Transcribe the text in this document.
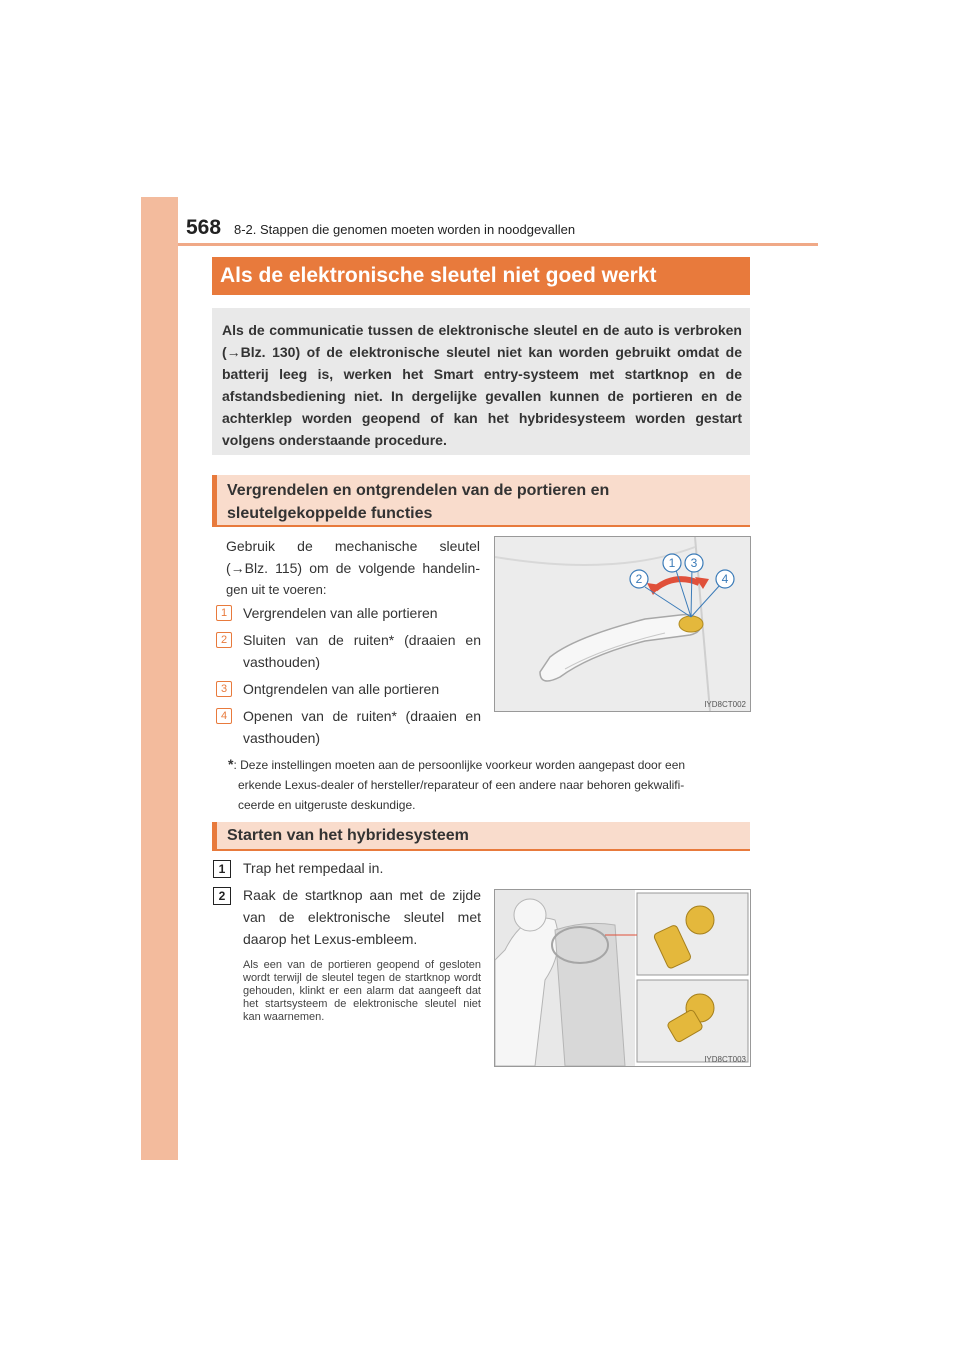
568 8-2. Stappen die genomen moeten worden in noodgevallen
Als de elektronische sleutel niet goed werkt
Als de communicatie tussen de elektronische sleutel en de auto is verbroken (→Blz. 130) of de elektronische sleutel niet kan worden gebruikt omdat de batterij leeg is, werken het Smart entry-systeem met startknop en de afstandsbediening niet. In dergelijke gevallen kunnen de portieren en de achterklep worden geopend of kan het hybridesysteem worden gestart volgens onderstaande procedure.
Vergrendelen en ontgrendelen van de portieren en sleutelgekoppelde functies
Gebruik de mechanische sleutel
(→Blz. 115) om de volgende handelin-
gen uit te voeren:
1	Vergrendelen van alle portieren
2	Sluiten van de ruiten* (draaien en
vasthouden)
3	Ontgrendelen van alle portieren
4	Openen van de ruiten* (draaien en
vasthouden)
*: Deze instellingen moeten aan de persoonlijke voorkeur worden aangepast door een
erkende Lexus-dealer of hersteller/reparateur of een andere naar behoren gekwalifi-
ceerde en uitgeruste deskundige.
1
2
3
4
IYD8CT002
Starten van het hybridesysteem
1	Trap het rempedaal in.
2	Raak de startknop aan met de zijde
van de elektronische sleutel met
daarop het Lexus-embleem.
Als een van de portieren geopend of gesloten wordt terwijl de sleutel tegen de startknop wordt gehouden, klinkt er een alarm dat aangeeft dat het startsysteem de elektronische sleutel niet kan waarnemen.
IYD8CT003
